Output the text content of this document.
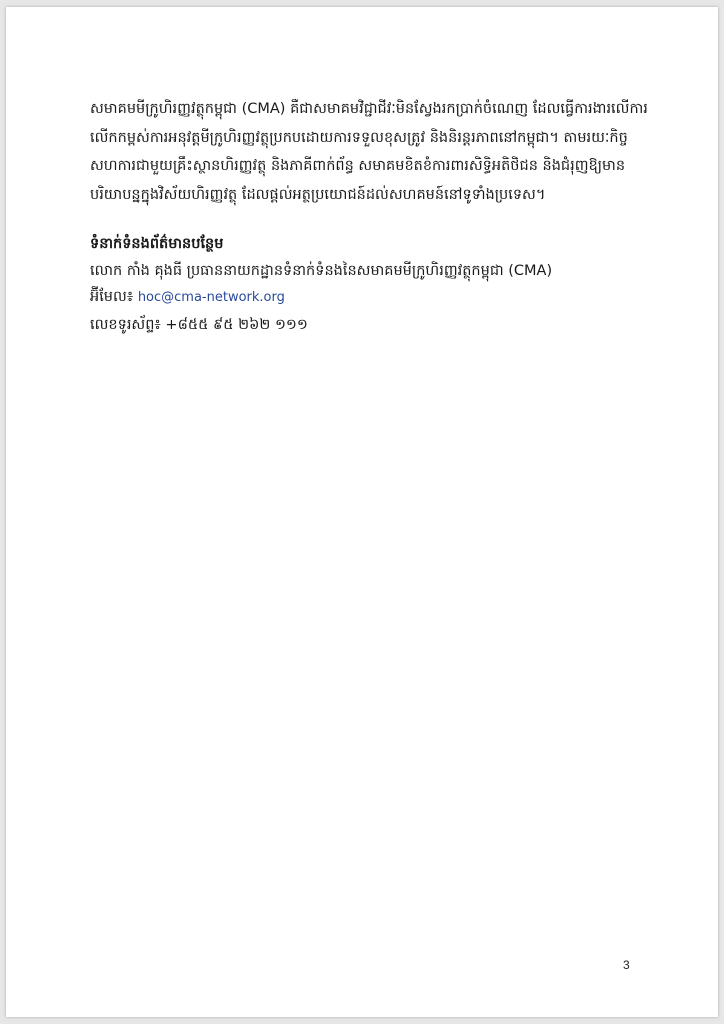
សមាគមមីក្រូហិរញ្ញវត្ថុកម្ពុជា (CMA) គឺជាសមាគមវិជ្ជាជីវៈមិនស្វែងរកប្រាក់ចំណេញ ដែលធ្វើការងារលើការលើកកម្ពស់ការអនុវត្តមីក្រូហិរញ្ញវត្ថុប្រកបដោយការទទួលខុសត្រូវ និងនិរន្តរភាពនៅកម្ពុជា។ តាមរយៈកិច្ចសហការជាមួយគ្រឹះស្ថានហិរញ្ញវត្ថុ និងភាគីពាក់ព័ន្ធ សមាគមខិតខំការពារសិទ្ធិអតិថិជន និងជំរុញឱ្យមានបរិយាបន្នក្នុងវិស័យហិរញ្ញវត្ថុ ដែលផ្តល់អត្ថប្រយោជន៍ដល់សហគមន៍នៅទូទាំងប្រទេស។

ទំនាក់ទំនងព័ត៌មានបន្ថែម
លោក កាំង គុងធី ប្រធាននាយកដ្ឋានទំនាក់ទំនងនៃសមាគមមីក្រូហិរញ្ញវត្ថុកម្ពុជា (CMA)
អ៊ីមែល៖ hoc@cma-network.org
លេខទូរស័ព្ទ៖ +៨៥៥ ៩៥ ២៦២ ១១១
3
